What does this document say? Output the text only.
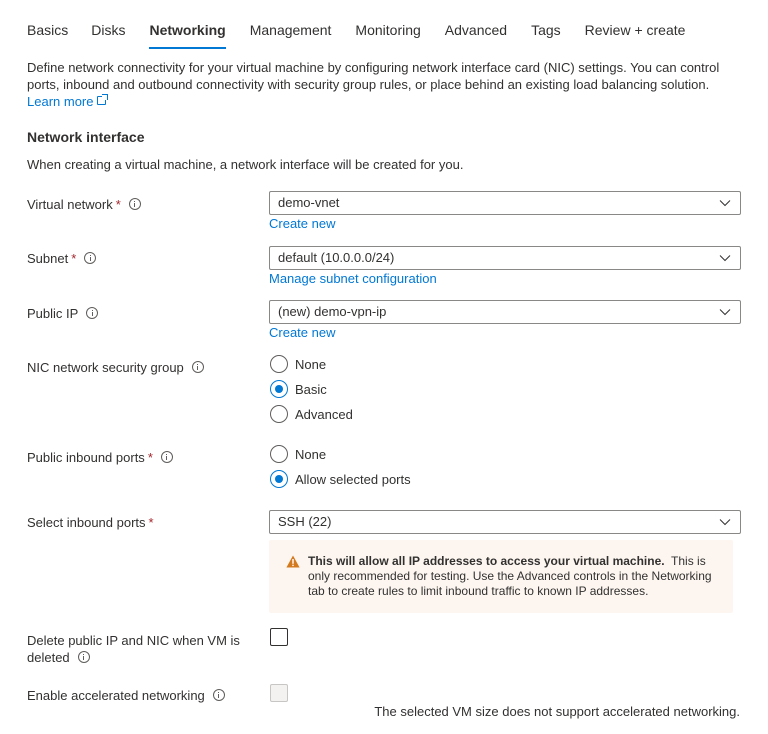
Basics Disks Networking Management Monitoring Advanced Tags Review + create
Define network connectivity for your virtual machine by configuring network interface card (NIC) settings. You can control ports, inbound and outbound connectivity with security group rules, or place behind an existing load balancing solution.
Learn more
Network interface
When creating a virtual machine, a network interface will be created for you.
Virtual network *	demo-vnet
Create new
Subnet *	default (10.0.0.0/24)
Manage subnet configuration
Public IP	(new) demo-vpn-ip
Create new
NIC network security group	None
Basic
Advanced
Public inbound ports *	None
Allow selected ports
Select inbound ports *	SSH (22)
This will allow all IP addresses to access your virtual machine. This is only recommended for testing. Use the Advanced controls in the Networking tab to create rules to limit inbound traffic to known IP addresses.
Delete public IP and NIC when VM is
deleted
Enable accelerated networking
The selected VM size does not support accelerated networking.
